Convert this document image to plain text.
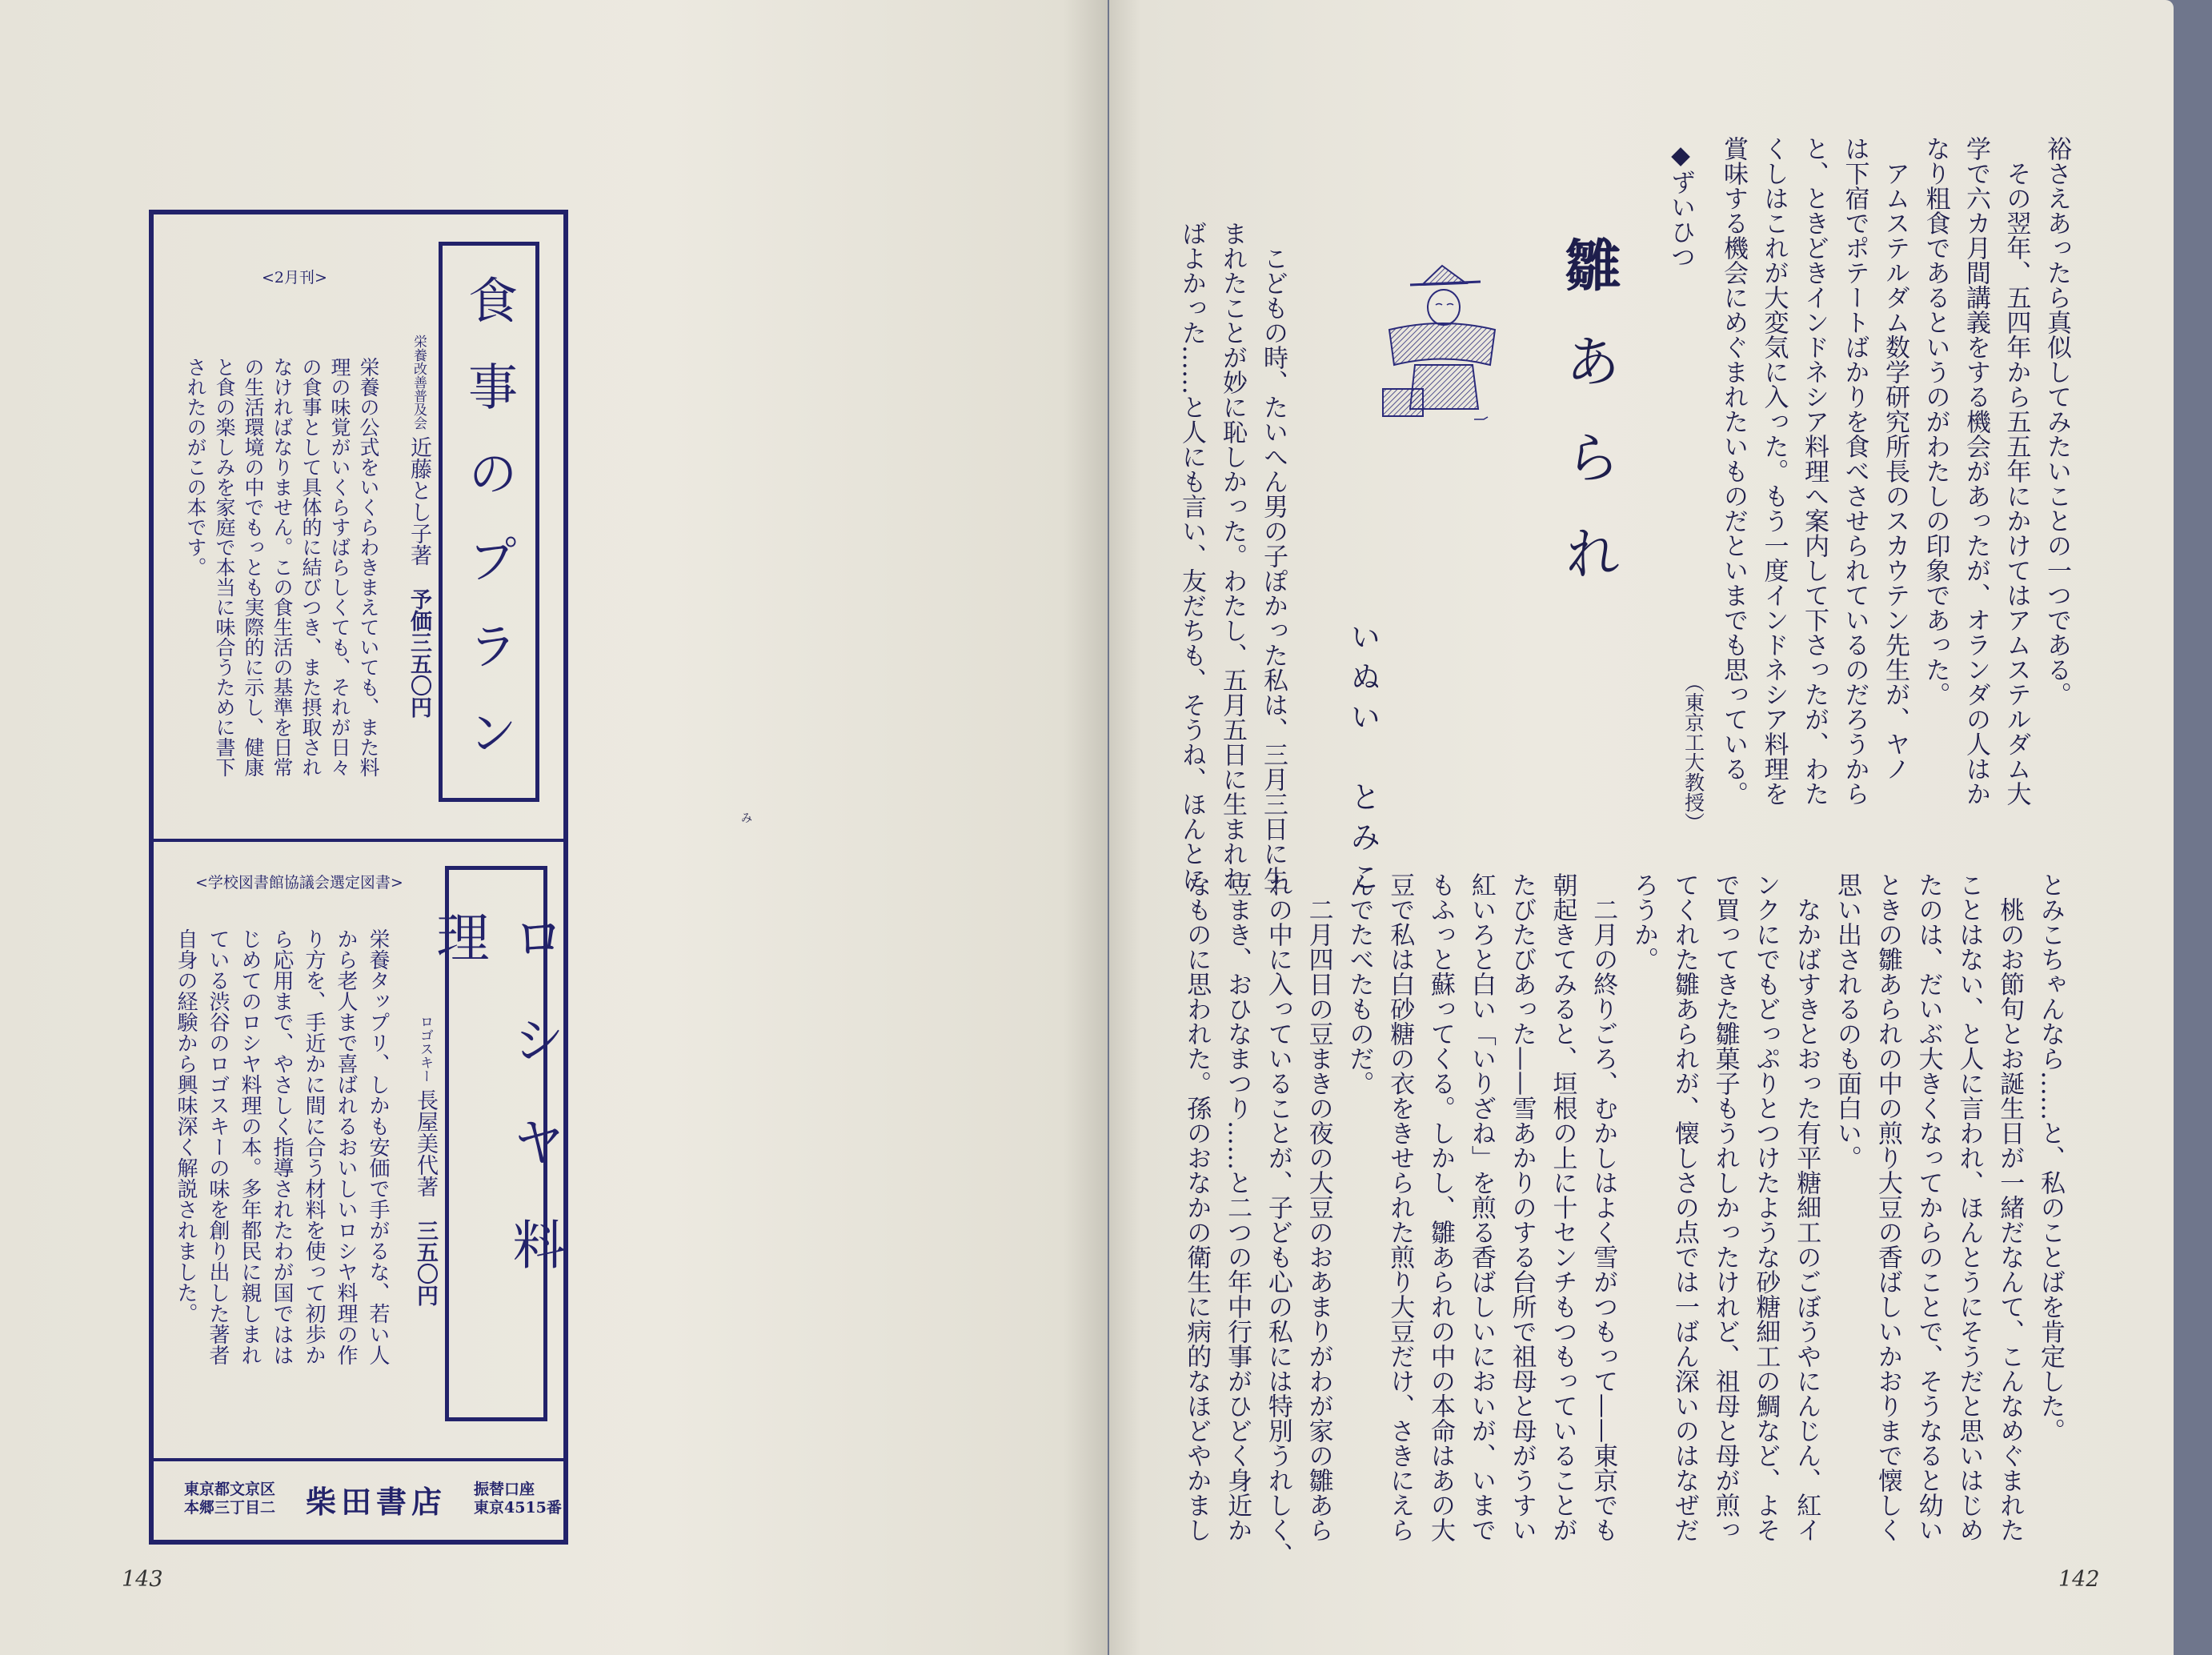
み
<2月刊>	食事のプラン
栄養改善普及会近藤とし子著予価三五〇円
栄養の公式をいくらわきまえていても、また料
理の味覚がいくらすばらしくても、それが日々
の食事として具体的に結びつき、また摂取され
なければなりません。この食生活の基準を日常
の生活環境の中でもっとも実際的に示し、健康
と食の楽しみを家庭で本当に味合うために書下
されたのがこの本です。
<学校図書館協議会選定図書>
ロシヤ料理
ロゴスキー長屋美代著三五〇円
栄養タップリ、しかも安価で手がるな、若い人
から老人まで喜ばれるおいしいロシヤ料理の作
り方を、手近かに間に合う材料を使って初歩か
ら応用まで、やさしく指導されたわが国ではは
じめてのロシヤ料理の本。多年都民に親しまれ
ている渋谷のロゴスキーの味を創り出した著者
自身の経験から興味深く解説されました。
東京都文京区
本郷三丁目二 柴田書店 振替口座
東京4515番
143	142
裕さえあったら真似してみたいことの一つである。
　その翌年、五四年から五五年にかけてはアムステルダム大
学で六カ月間講義をする機会があったが、オランダの人はか
なり粗食であるというのがわたしの印象であった。
　アムステルダム数学研究所長のスカウテン先生が、ヤノ
は下宿でポテートばかりを食べさせられているのだろうから
と、ときどきインドネシア料理へ案内して下さったが、わた
くしはこれが大変気に入った。もう一度インドネシア料理を
賞味する機会にめぐまれたいものだといまでも思っている。
（東京工大教授）
◆ずいひつ
雛あられ
いぬい　とみこ
　こどもの時、たいへん男の子ぽかった私は、三月三日に生
まれたことが妙に恥しかった。わたし、五月五日に生まれれ
ばよかった……と人にも言い、友だちも、そうね、ほんとに
とみこちゃんなら……と、私のことばを肯定した。
　桃のお節句とお誕生日が一緒だなんて、こんなめぐまれた
ことはない、と人に言われ、ほんとうにそうだと思いはじめ
たのは、だいぶ大きくなってからのことで、そうなると幼い
ときの雛あられの中の煎り大豆の香ばしいかおりまで懐しく
思い出されるのも面白い。
　なかばすきとおった有平糖細工のごぼうやにんじん、紅イ
ンクにでもどっぷりとつけたような砂糖細工の鯛など、よそ
で買ってきた雛菓子もうれしかったけれど、祖母と母が煎っ
てくれた雛あられが、懐しさの点では一ばん深いのはなぜだ
ろうか。
　二月の終りごろ、むかしはよく雪がつもって——東京でも
朝起きてみると、垣根の上に十センチもつもっていることが
たびたびあった——雪あかりのする台所で祖母と母がうすい
紅いろと白い「いりざね」を煎る香ばしいにおいが、いまで
もふっと蘇ってくる。しかし、雛あられの中の本命はあの大
豆で私は白砂糖の衣をきせられた煎り大豆だけ、さきにえら
んでたべたものだ。
　二月四日の豆まきの夜の大豆のおあまりがわが家の雛あら
れの中に入っていることが、子ども心の私には特別うれしく、
豆まき、おひなまつり……と二つの年中行事がひどく身近か
なものに思われた。孫のおなかの衛生に病的なほどやかまし
